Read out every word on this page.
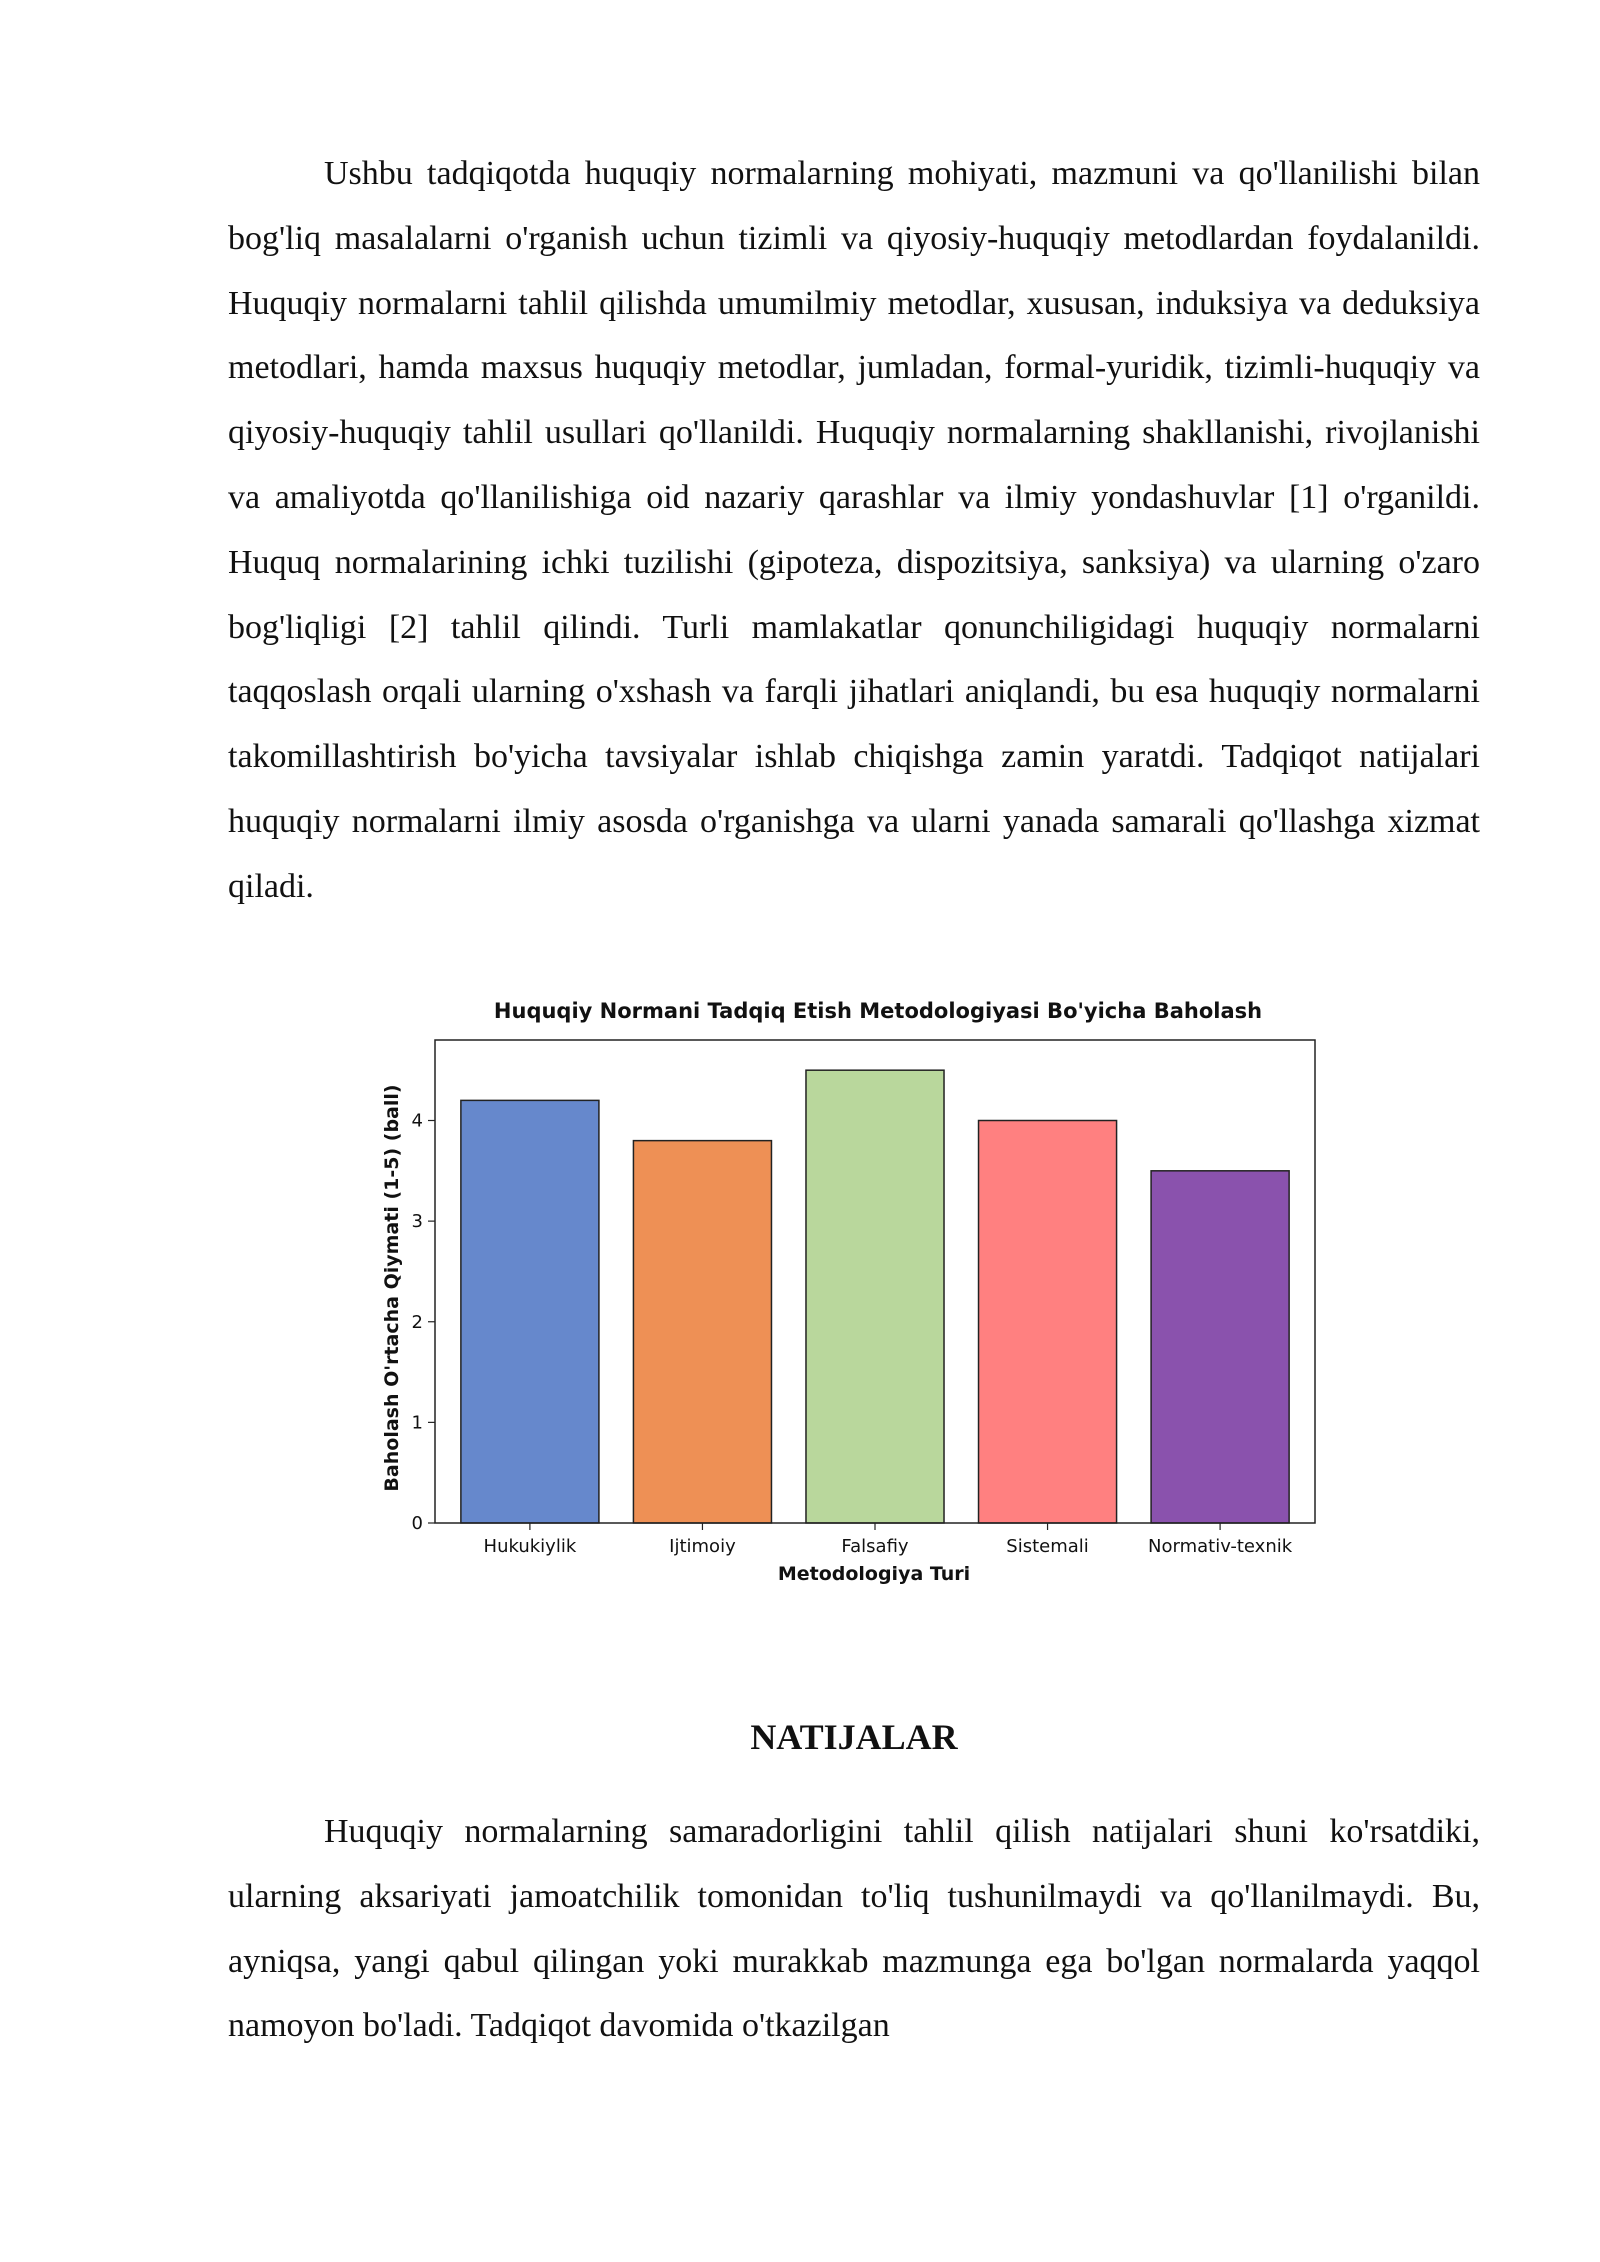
Ushbu tadqiqotda huquqiy normalarning mohiyati, mazmuni va qo'llanilishi bilan bog'liq masalalarni o'rganish uchun tizimli va qiyosiy-huquqiy metodlardan foydalanildi. Huquqiy normalarni tahlil qilishda umumilmiy metodlar, xususan, induksiya va deduksiya metodlari, hamda maxsus huquqiy metodlar, jumladan, formal-yuridik, tizimli-huquqiy va qiyosiy-huquqiy tahlil usullari qo'llanildi. Huquqiy normalarning shakllanishi, rivojlanishi va amaliyotda qo'llanilishiga oid nazariy qarashlar va ilmiy yondashuvlar [1] o'rganildi. Huquq normalarining ichki tuzilishi (gipoteza, dispozitsiya, sanksiya) va ularning o'zaro bog'liqligi [2] tahlil qilindi. Turli mamlakatlar qonunchiligidagi huquqiy normalarni taqqoslash orqali ularning o'xshash va farqli jihatlari aniqlandi, bu esa huquqiy normalarni takomillashtirish bo'yicha tavsiyalar ishlab chiqishga zamin yaratdi. Tadqiqot natijalari huquqiy normalarni ilmiy asosda o'rganishga va ularni yanada samarali qo'llashga xizmat qiladi.

Huquqiy Normani Tadqiq Etish Metodologiyasi Bo'yicha Baholash
Baholash O'rtacha Qiymati (1-5) (ball)
Metodologiya Turi
0
1
2
3
4
Hukukiylik	Ijtimoiy	Falsafiy	Sistemali	Normativ-texnik
NATIJALAR

Huquqiy normalarning samaradorligini tahlil qilish natijalari shuni ko'rsatdiki, ularning aksariyati jamoatchilik tomonidan to'liq tushunilmaydi va qo'llanilmaydi. Bu, ayniqsa, yangi qabul qilingan yoki murakkab mazmunga ega bo'lgan normalarda yaqqol namoyon bo'ladi. Tadqiqot davomida o'tkazilgan
